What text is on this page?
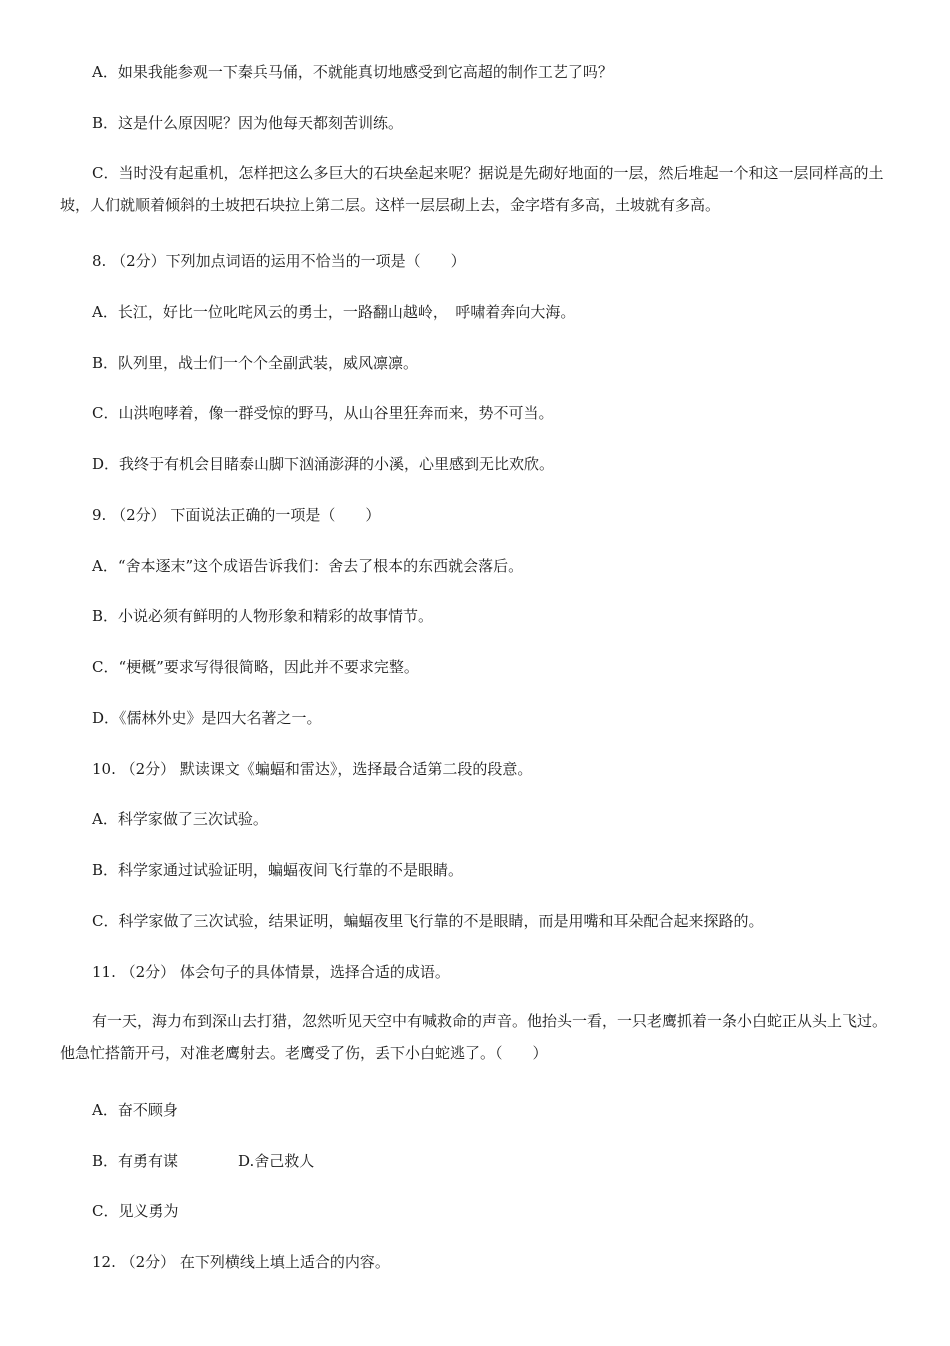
A．如果我能参观一下秦兵马俑，不就能真切地感受到它高超的制作工艺了吗？
B．这是什么原因呢？因为他每天都刻苦训练。
C．当时没有起重机，怎样把这么多巨大的石块垒起来呢？据说是先砌好地面的一层，然后堆起一个和这一层同样高的土坡，人们就顺着倾斜的土坡把石块拉上第二层。这样一层层砌上去，金字塔有多高，土坡就有多高。
8. （2分）下列加点词语的运用不恰当的一项是（　　）
A．长江，好比一位叱咤风云的勇士，一路翻山越岭，　呼啸着奔向大海。
B．队列里，战士们一个个全副武装，威风凛凛。
C．山洪咆哮着，像一群受惊的野马，从山谷里狂奔而来，势不可当。
D．我终于有机会目睹泰山脚下汹涌澎湃的小溪，心里感到无比欢欣。
9. （2分） 下面说法正确的一项是（　　）
A．“舍本逐末”这个成语告诉我们：舍去了根本的东西就会落后。
B．小说必须有鲜明的人物形象和精彩的故事情节。
C．“梗概”要求写得很简略，因此并不要求完整。
D．《儒林外史》是四大名著之一。
10. （2分） 默读课文《蝙蝠和雷达》，选择最合适第二段的段意。
A．科学家做了三次试验。
B．科学家通过试验证明，蝙蝠夜间飞行靠的不是眼睛。
C．科学家做了三次试验，结果证明，蝙蝠夜里飞行靠的不是眼睛，而是用嘴和耳朵配合起来探路的。
11. （2分） 体会句子的具体情景，选择合适的成语。
有一天，海力布到深山去打猎，忽然听见天空中有喊救命的声音。他抬头一看，一只老鹰抓着一条小白蛇正从头上飞过。他急忙搭箭开弓，对准老鹰射去。老鹰受了伤，丢下小白蛇逃了。（　　）
A．奋不顾身
B．有勇有谋	D.舍己救人
C．见义勇为
12. （2分） 在下列横线上填上适合的内容。
